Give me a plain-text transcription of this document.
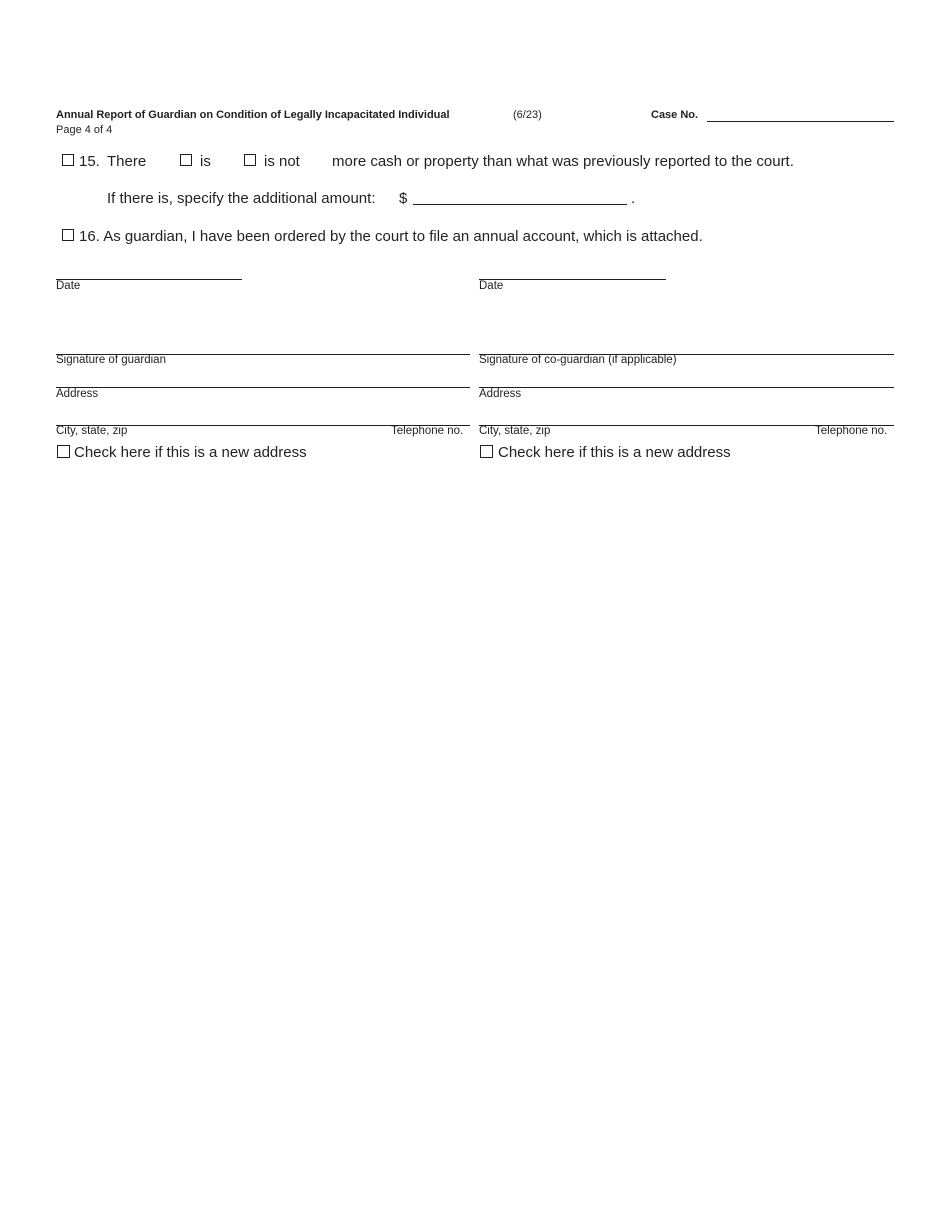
Annual Report of Guardian on Condition of Legally Incapacitated Individual	(6/23)
Page 4 of 4
Case No.
15. There	is	is not more cash or property than what was previously reported to the court.
If there is, specify the additional amount: $	.
16. As guardian, I have been ordered by the court to file an annual account, which is attached.
Date
Signature of guardian
Address
City, state, zip	Telephone no.
Check here if this is a new address
Date
Signature of co-guardian (if applicable)
Address
City, state, zip	Telephone no.
Check here if this is a new address
